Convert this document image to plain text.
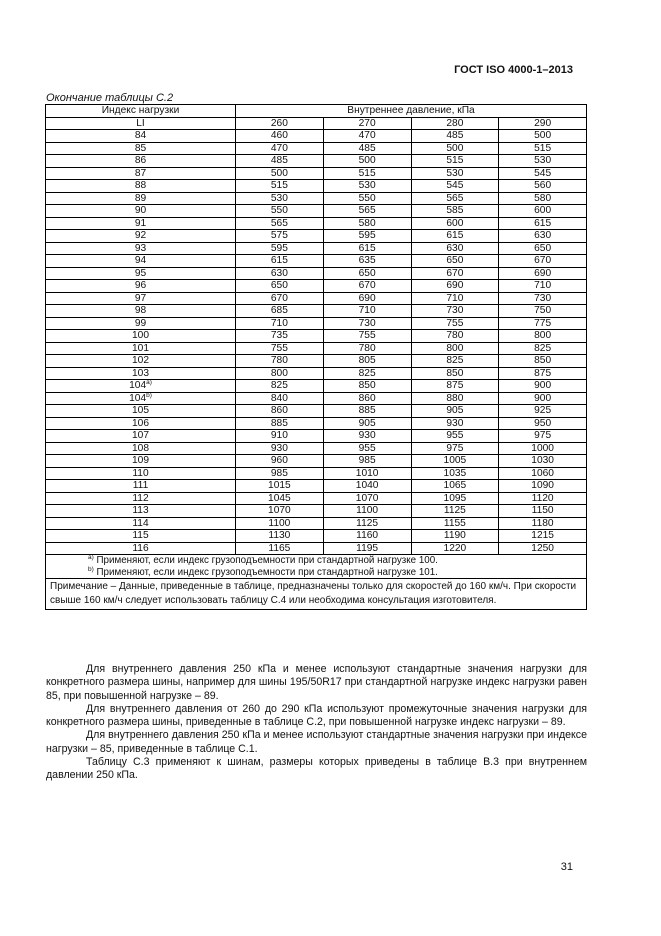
ГОСТ ISO 4000-1–2013
Окончание таблицы С.2
Индекс нагрузки	Внутреннее давление, кПа			
LI	260	270	280	290
84	460	470	485	500
85	470	485	500	515
86	485	500	515	530
87	500	515	530	545
88	515	530	545	560
89	530	550	565	580
90	550	565	585	600
91	565	580	600	615
92	575	595	615	630
93	595	615	630	650
94	615	635	650	670
95	630	650	670	690
96	650	670	690	710
97	670	690	710	730
98	685	710	730	750
99	710	730	755	775
100	735	755	780	800
101	755	780	800	825
102	780	805	825	850
103	800	825	850	875
104$^{a)}$	825	850	875	900
104$^{b)}$	840	860	880	900
105	860	885	905	925
106	885	905	930	950
107	910	930	955	975
108	930	955	975	1000
109	960	985	1005	1030
110	985	1010	1035	1060
111	1015	1040	1065	1090
112	1045	1070	1095	1120
113	1070	1100	1125	1150
114	1100	1125	1155	1180
115	1130	1160	1190	1215
116	1165	1195	1220	1250

$^{a)}$ Применяют, если индекс грузоподъемности при стандартной нагрузке 100.
$^{b)}$ Применяют, если индекс грузоподъемности при стандартной нагрузке 101.				

Примечание – Данные, приведенные в таблице, предназначены только для скоростей до 160 км/ч. При скорости свыше 160 км/ч следует использовать таблицу С.4 или необходима консультация изготовителя.				

Для внутреннего давления 250 кПа и менее используют стандартные значения нагрузки для конкретного размера шины, например для шины 195/50R17 при стандартной нагрузке индекс нагрузки равен 85, при повышенной нагрузке – 89.

Для внутреннего давления от 260 до 290 кПа используют промежуточные значения нагрузки для конкретного размера шины, приведенные в таблице С.2, при повышенной нагрузке индекс нагрузки – 89.

Для внутреннего давления 250 кПа и менее используют стандартные значения нагрузки при индексе нагрузки – 85, приведенные в таблице С.1.

Таблицу С.3 применяют к шинам, размеры которых приведены в таблице В.3 при внутреннем давлении 250 кПа.

31
